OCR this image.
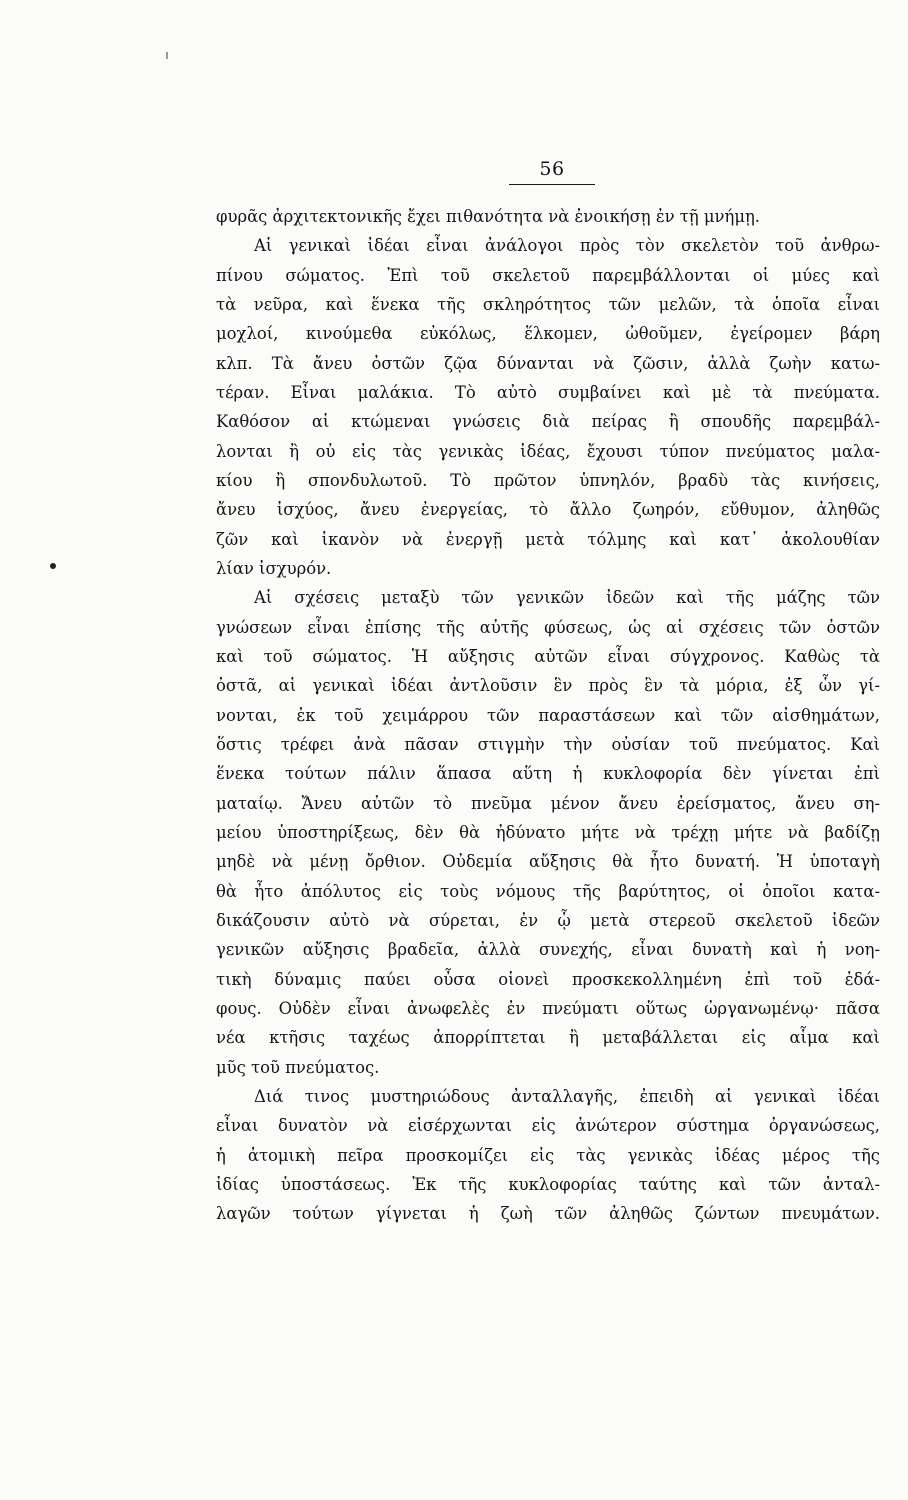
56
φυρᾶς ἀρχιτεκτονικῆς ἔχει πιθανότητα νὰ ἐνοικήσῃ ἐν τῇ μνήμῃ.
Αἱ γενικαὶ ἰδέαι εἶναι ἀνάλογοι πρὸς τὸν σκελετὸν τοῦ ἀνθρω-
πίνου σώματος. Ἐπὶ τοῦ σκελετοῦ παρεμβάλλονται οἱ μύες καὶ
τὰ νεῦρα, καὶ ἕνεκα τῆς σκληρότητος τῶν μελῶν, τὰ ὁποῖα εἶναι
μοχλοί, κινούμεθα εὐκόλως, ἕλκομεν, ὠθοῦμεν, ἐγείρομεν βάρη
κλπ. Τὰ ἄνευ ὀστῶν ζῷα δύνανται νὰ ζῶσιν, ἀλλὰ ζωὴν κατω-
τέραν. Εἶναι μαλάκια. Τὸ αὐτὸ συμβαίνει καὶ μὲ τὰ πνεύματα.
Καθόσον αἱ κτώμεναι γνώσεις διὰ πείρας ἢ σπουδῆς παρεμβάλ-
λονται ἢ οὐ εἰς τὰς γενικὰς ἰδέας, ἔχουσι τύπον πνεύματος μαλα-
κίου ἢ σπονδυλωτοῦ. Τὸ πρῶτον ὑπνηλόν, βραδὺ τὰς κινήσεις,
ἄνευ ἰσχύος, ἄνευ ἐνεργείας, τὸ ἄλλο ζωηρόν, εὔθυμον, ἀληθῶς
ζῶν καὶ ἱκανὸν νὰ ἐνεργῇ μετὰ τόλμης καὶ κατ᾽ ἀκολουθίαν
λίαν ἰσχυρόν.
Αἱ σχέσεις μεταξὺ τῶν γενικῶν ἰδεῶν καὶ τῆς μάζης τῶν
γνώσεων εἶναι ἐπίσης τῆς αὐτῆς φύσεως, ὡς αἱ σχέσεις τῶν ὀστῶν
καὶ τοῦ σώματος. Ἡ αὔξησις αὐτῶν εἶναι σύγχρονος. Καθὼς τὰ
ὀστᾶ, αἱ γενικαὶ ἰδέαι ἀντλοῦσιν ἓν πρὸς ἓν τὰ μόρια, ἐξ ὧν γί-
νονται, ἐκ τοῦ χειμάρρου τῶν παραστάσεων καὶ τῶν αἰσθημάτων,
ὅστις τρέφει ἀνὰ πᾶσαν στιγμὴν τὴν οὐσίαν τοῦ πνεύματος. Καὶ
ἕνεκα τούτων πάλιν ἅπασα αὕτη ἡ κυκλοφορία δὲν γίνεται ἐπὶ
ματαίῳ. Ἄνευ αὐτῶν τὸ πνεῦμα μένον ἄνευ ἐρείσματος, ἄνευ ση-
μείου ὑποστηρίξεως, δὲν θὰ ἠδύνατο μήτε νὰ τρέχῃ μήτε νὰ βαδίζῃ
μηδὲ νὰ μένῃ ὄρθιον. Οὐδεμία αὔξησις θὰ ἦτο δυνατή. Ἡ ὑποταγὴ
θὰ ἦτο ἀπόλυτος εἰς τοὺς νόμους τῆς βαρύτητος, οἱ ὁποῖοι κατα-
δικάζουσιν αὐτὸ νὰ σύρεται, ἐν ᾧ μετὰ στερεοῦ σκελετοῦ ἰδεῶν
γενικῶν αὔξησις βραδεῖα, ἀλλὰ συνεχής, εἶναι δυνατὴ καὶ ἡ νοη-
τικὴ δύναμις παύει οὖσα οἱονεὶ προσκεκολλημένη ἐπὶ τοῦ ἐδά-
φους. Οὐδὲν εἶναι ἀνωφελὲς ἐν πνεύματι οὕτως ὠργανωμένῳ· πᾶσα
νέα κτῆσις ταχέως ἀπορρίπτεται ἢ μεταβάλλεται εἰς αἷμα καὶ
μῦς τοῦ πνεύματος.
Διά τινος μυστηριώδους ἀνταλλαγῆς, ἐπειδὴ αἱ γενικαὶ ἰδέαι
εἶναι δυνατὸν νὰ εἰσέρχωνται εἰς ἀνώτερον σύστημα ὀργανώσεως,
ἡ ἀτομικὴ πεῖρα προσκομίζει εἰς τὰς γενικὰς ἰδέας μέρος τῆς
ἰδίας ὑποστάσεως. Ἐκ τῆς κυκλοφορίας ταύτης καὶ τῶν ἀνταλ-
λαγῶν τούτων γίγνεται ἡ ζωὴ τῶν ἀληθῶς ζώντων πνευμάτων.
